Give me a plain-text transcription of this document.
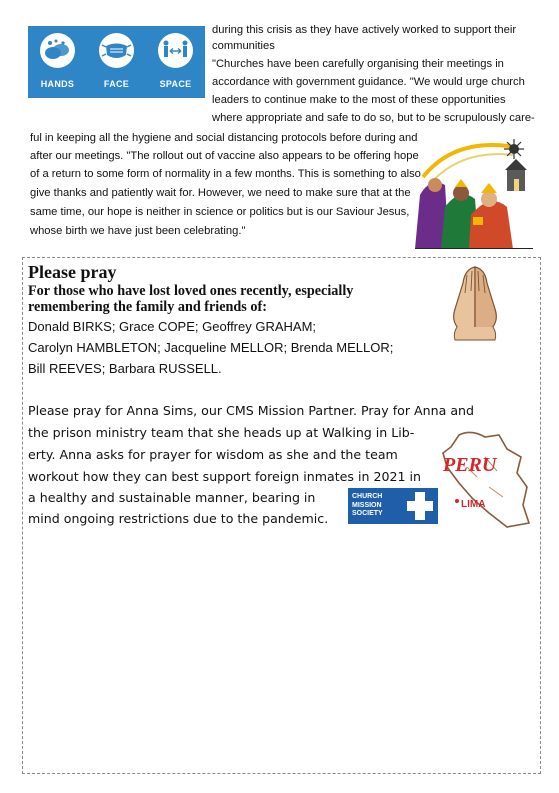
HANDS	FACE	SPACE
during this crisis as they have actively worked to support their
communities
"Churches have been carefully organising their meetings in
accordance with government guidance. "We would urge church
leaders to continue make to the most of these opportunities
where appropriate and safe to do so, but to be scrupulously care-
ful in keeping all the hygiene and social distancing protocols before during and
after our meetings. "The rollout out of vaccine also appears to be offering hope
of a return to some form of normality in a few months. This is something to also
give thanks and patiently wait for. However, we need to make sure that at the
same time, our hope is neither in science or politics but is our Saviour Jesus,
whose birth we have just been celebrating."
Please pray
For those who have lost loved ones recently, especially
remembering the family and friends of:
Donald BIRKS; Grace COPE; Geoffrey GRAHAM;
Carolyn HAMBLETON; Jacqueline MELLOR; Brenda MELLOR;
Bill REEVES; Barbara RUSSELL.
Please pray for Anna Sims, our CMS Mission Partner. Pray for Anna and
the prison ministry team that she heads up at Walking in Lib-
erty. Anna asks for prayer for wisdom as she and the team
workout how they can best support foreign inmates in 2021 in
a healthy and sustainable manner, bearing in
mind ongoing restrictions due to the pandemic.
CHURCH
MISSION
SOCIETY
PERU
LIMA
